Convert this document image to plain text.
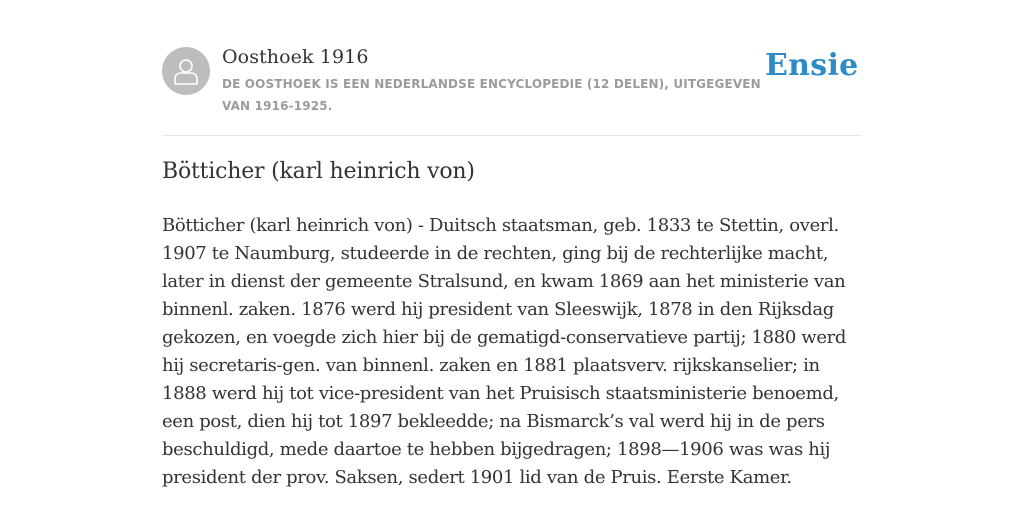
Oosthoek 1916
DE OOSTHOEK IS EEN NEDERLANDSE ENCYCLOPEDIE (12 DELEN), UITGEGEVEN VAN 1916-1925.
Ensie
Bötticher (karl heinrich von)

Bötticher (karl heinrich von) - Duitsch staatsman, geb. 1833 te Stettin, overl. 1907 te Naumburg, studeerde in de rechten, ging bij de rechterlijke macht, later in dienst der gemeente Stralsund, en kwam 1869 aan het ministerie van binnenl. zaken. 1876 werd hij president van Sleeswijk, 1878 in den Rijksdag gekozen, en voegde zich hier bij de gematigd-conservatieve partij; 1880 werd hij secretaris-gen. van binnenl. zaken en 1881 plaatsverv. rijkskanselier; in 1888 werd hij tot vice-president van het Pruisisch staatsministerie benoemd, een post, dien hij tot 1897 bekleedde; na Bismarck’s val werd hij in de pers beschuldigd, mede daartoe te hebben bijgedragen; 1898—1906 was was hij president der prov. Saksen, sedert 1901 lid van de Pruis. Eerste Kamer.
